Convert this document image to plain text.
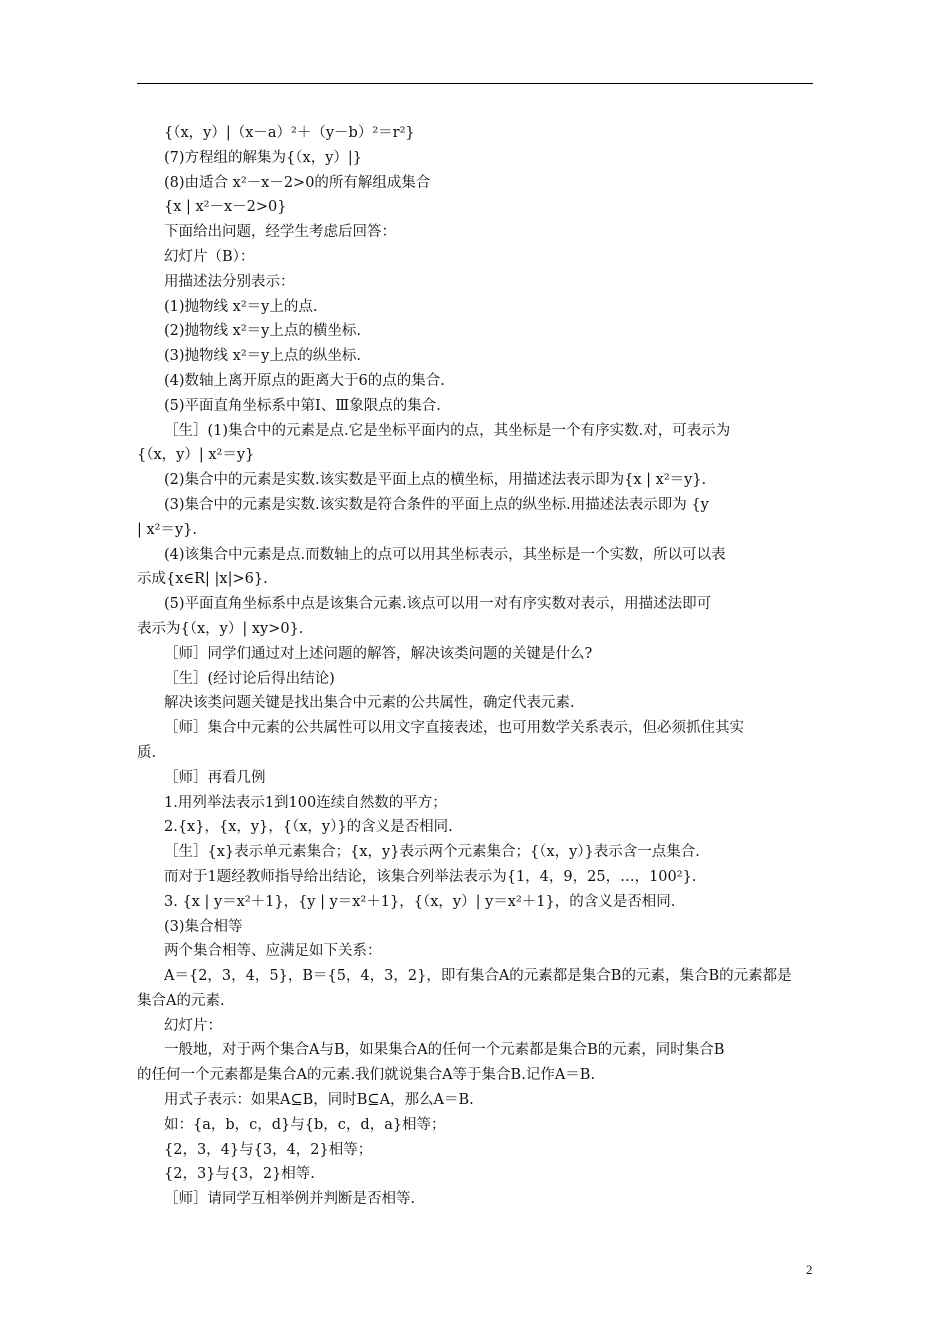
{（x，y）|（x－a）²＋（y－b）²＝r²}
(7)方程组的解集为{（x，y）|}
(8)由适合 x²－x－2>0的所有解组成集合
{x | x²－x－2>0}
下面给出问题，经学生考虑后回答：
幻灯片（B）：
用描述法分别表示：
(1)抛物线 x²＝y上的点.
(2)抛物线 x²＝y上点的横坐标.
(3)抛物线 x²＝y上点的纵坐标.
(4)数轴上离开原点的距离大于6的点的集合.
(5)平面直角坐标系中第Ⅰ、Ⅲ象限点的集合.
［生］(1)集合中的元素是点.它是坐标平面内的点，其坐标是一个有序实数.对，可表示为
{（x，y）| x²＝y}
(2)集合中的元素是实数.该实数是平面上点的横坐标，用描述法表示即为{x | x²＝y}.
(3)集合中的元素是实数.该实数是符合条件的平面上点的纵坐标.用描述法表示即为 {y
| x²＝y}.
(4)该集合中元素是点.而数轴上的点可以用其坐标表示，其坐标是一个实数，所以可以表
示成{x∈R| |x|>6}.
(5)平面直角坐标系中点是该集合元素.该点可以用一对有序实数对表示，用描述法即可
表示为{（x，y）| xy>0}.
［师］同学们通过对上述问题的解答，解决该类问题的关键是什么?
［生］(经讨论后得出结论)
解决该类问题关键是找出集合中元素的公共属性，确定代表元素.
［师］集合中元素的公共属性可以用文字直接表述，也可用数学关系表示，但必须抓住其实
质.
［师］再看几例
1.用列举法表示1到100连续自然数的平方；
2.{x}，{x，y}，{（x，y）}的含义是否相同.
［生］{x}表示单元素集合；{x，y}表示两个元素集合；{（x，y）}表示含一点集合.
而对于1题经教师指导给出结论，该集合列举法表示为{1，4，9，25，…，100²}.
3. {x | y＝x²＋1}，{y | y＝x²＋1}，{（x，y）| y＝x²＋1}，的含义是否相同.
(3)集合相等
两个集合相等、应满足如下关系：
A＝{2，3，4，5}，B＝{5，4，3，2}，即有集合A的元素都是集合B的元素，集合B的元素都是
集合A的元素.
幻灯片：
一般地，对于两个集合A与B，如果集合A的任何一个元素都是集合B的元素，同时集合B
的任何一个元素都是集合A的元素.我们就说集合A等于集合B.记作A＝B.
用式子表示：如果A⊆B，同时B⊆A，那么A＝B.
如：{a，b，c，d}与{b，c，d，a}相等；
{2，3，4}与{3，4，2}相等；
{2，3}与{3，2}相等.
［师］请同学互相举例并判断是否相等.
2
